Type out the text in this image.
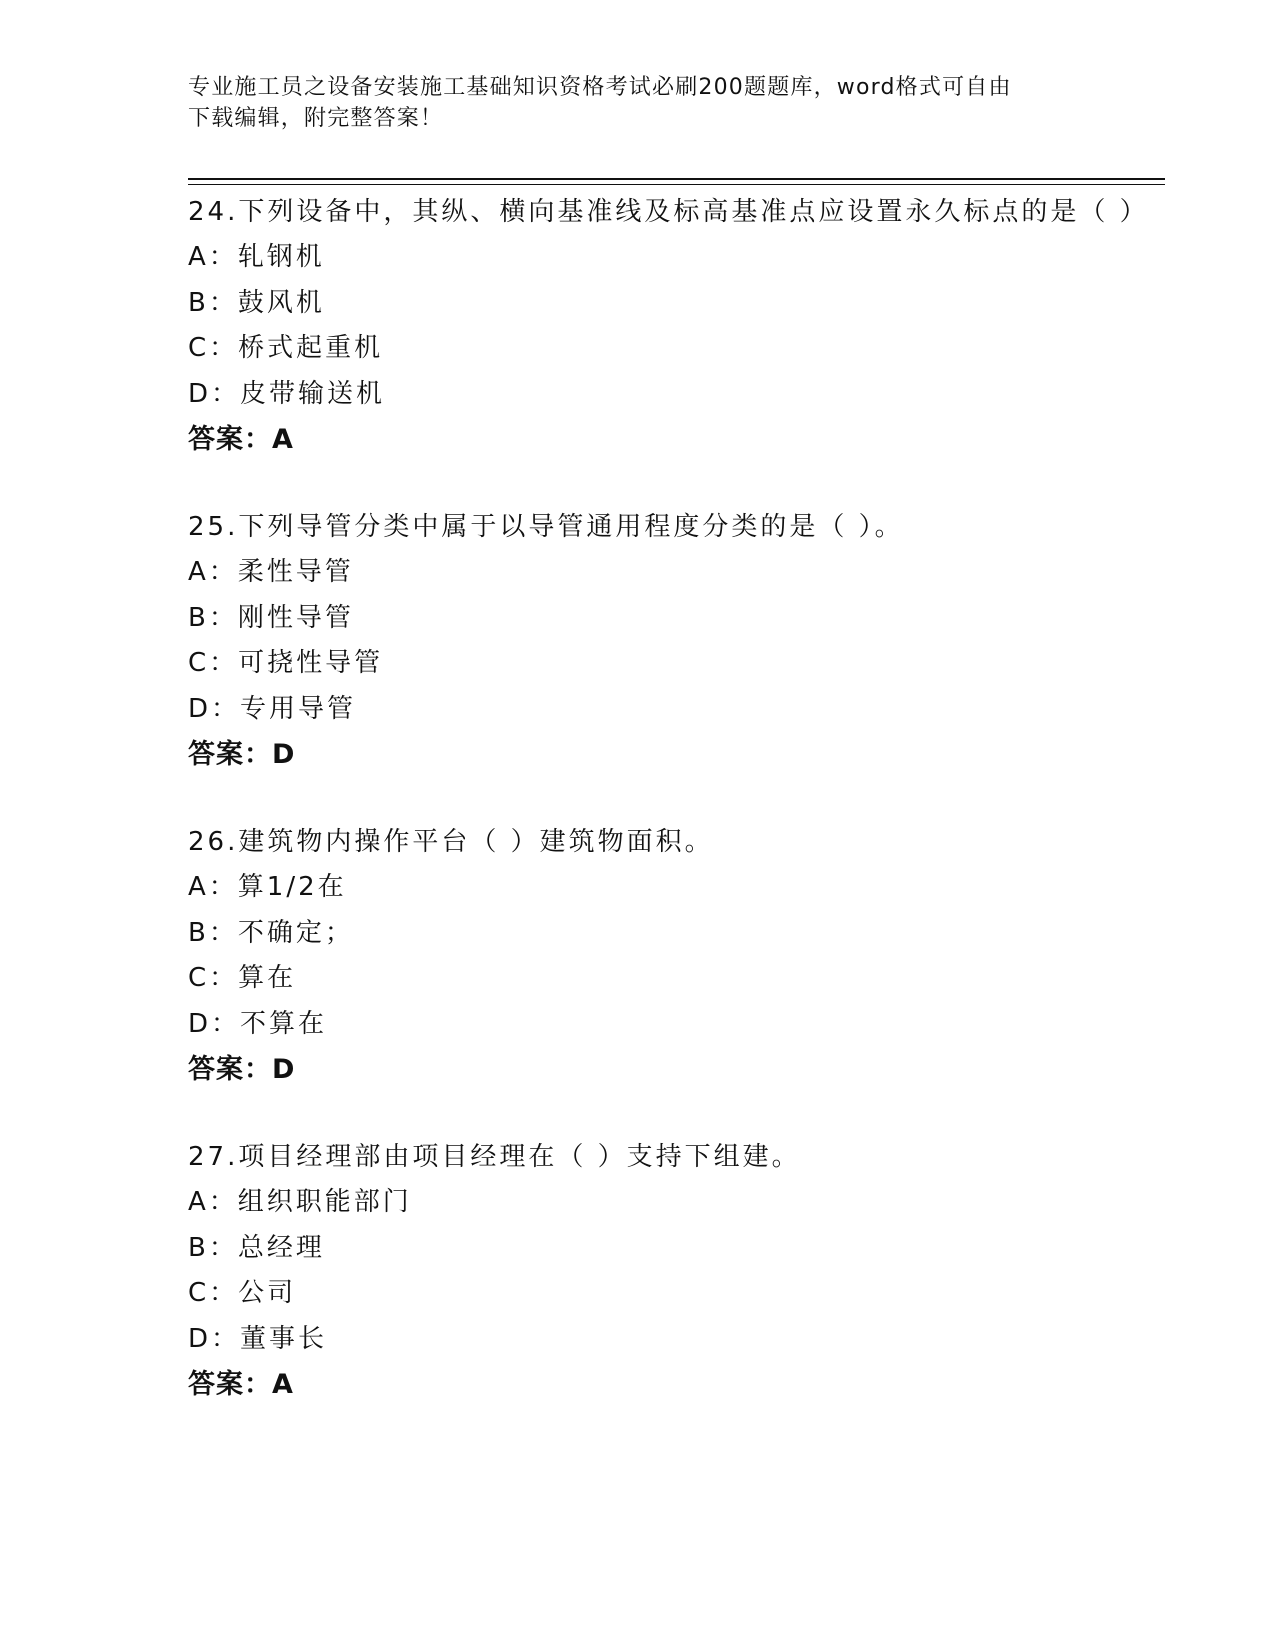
专业施工员之设备安装施工基础知识资格考试必刷200题题库，word格式可自由
下载编辑，附完整答案！
24.下列设备中，其纵、横向基准线及标高基准点应设置永久标点的是（ ）
A：轧钢机
B：鼓风机
C：桥式起重机
D：皮带输送机
答案：A
25.下列导管分类中属于以导管通用程度分类的是（ ）。
A：柔性导管
B：刚性导管
C：可挠性导管
D：专用导管
答案：D
26.建筑物内操作平台（ ）建筑物面积。
A：算1/2在
B：不确定；
C：算在
D：不算在
答案：D
27.项目经理部由项目经理在（ ）支持下组建。
A：组织职能部门
B：总经理
C：公司
D：董事长
答案：A
